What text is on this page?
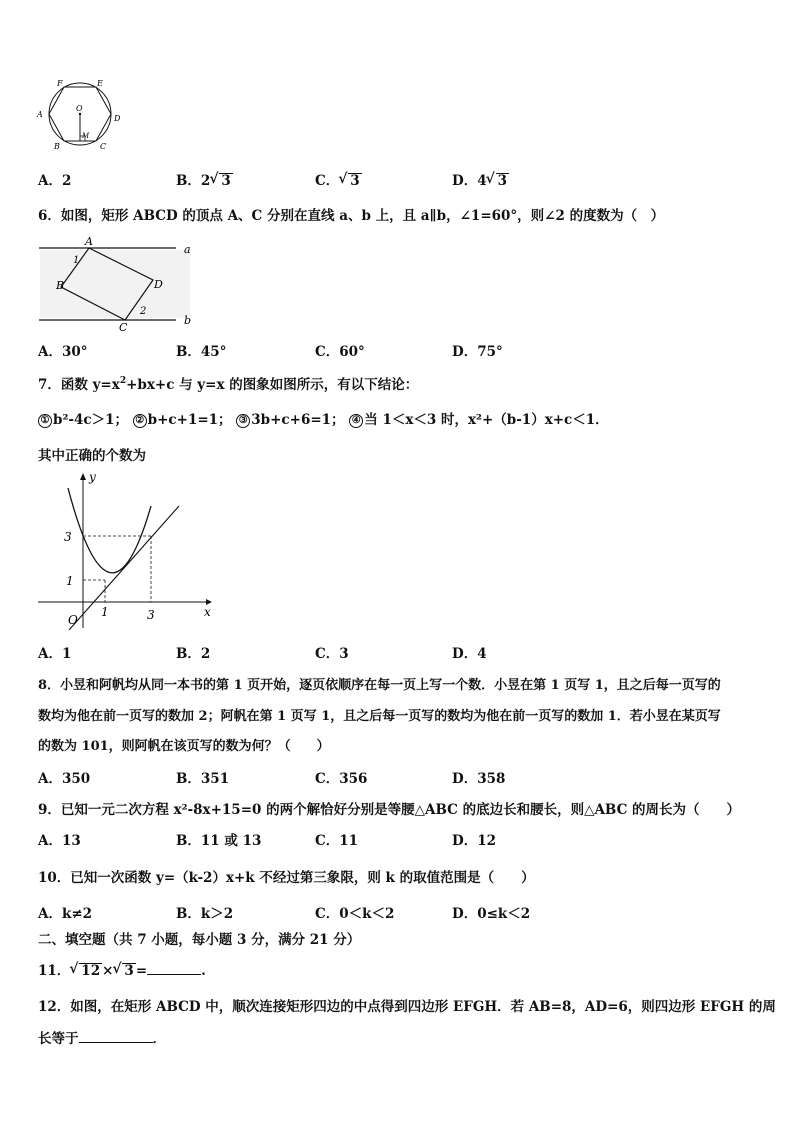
A
F	E
D
C
B
O
M
A．2	B．2 √ 3	C． √ 3	D．4 √ 3
6．如图，矩形 ABCD 的顶点 A、C 分别在直线 a、b 上，且 a∥b，∠1=60°，则∠2 的度数为（　）
a
b
A
B
C
D
1
2
A．30°	B．45°	C．60°	D．75°
7．函数 $y=x^2+bx+c$ 与 y=x 的图象如图所示，有以下结论：
① b²-4c＞1； ② b+c+1=1； ③ 3b+c+6=1； ④ 当 1＜x＜3 时，x²+（b-1）x+c＜1．
其中正确的个数为
y
x
O
3
1
1	3
A．1	B．2	C．3	D．4
8．小昱和阿帆均从同一本书的第 1 页开始，逐页依顺序在每一页上写一个数．小昱在第 1 页写 1，且之后每一页写的
数均为他在前一页写的数加 2；阿帆在第 1 页写 1，且之后每一页写的数均为他在前一页写的数加 1．若小昱在某页写
的数为 101，则阿帆在该页写的数为何？（　　）
A．350	B．351	C．356	D．358
9．已知一元二次方程 x²-8x+15=0 的两个解恰好分别是等腰△ABC 的底边长和腰长，则△ABC 的周长为（　　）
A．13	B．11 或 13	C．11	D．12
10．已知一次函数 y=（k-2）x+k 不经过第三象限，则 k 的取值范围是（　　）
A．k≠2	B．k＞2	C．0＜k＜2	D．0≤k＜2
二、填空题（共 7 小题，每小题 3 分，满分 21 分）
11． √ 12 × √ 3 =	.
12．如图，在矩形 ABCD 中，顺次连接矩形四边的中点得到四边形 EFGH．若 AB=8，AD=6，则四边形 EFGH 的周
长等于	．
